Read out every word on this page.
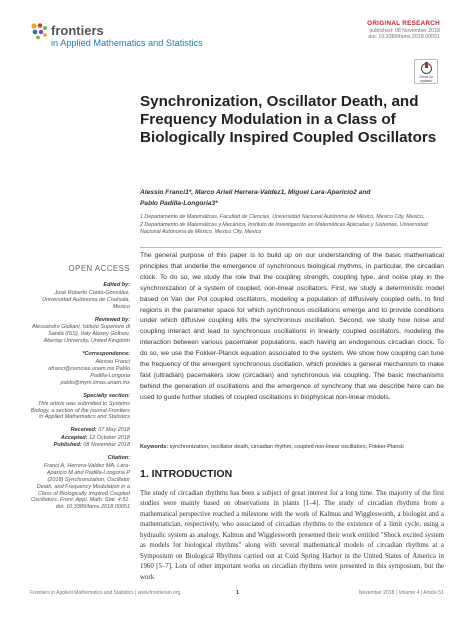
frontiers
in Applied Mathematics and Statistics
ORIGINAL RESEARCH
published: 08 November 2018
doi: 10.3389/fams.2018.00051
Check for updates
Synchronization, Oscillator Death, and Frequency Modulation in a Class of Biologically Inspired Coupled Oscillators
Alessio Franci1*, Marco Arieli Herrera-Valdez1, Miguel Lara-Aparicio2 and
Pablo Padilla-Longoria3*

1 Departamento de Matemáticas, Facultad de Ciencias, Universidad Nacional Autónoma de México, Mexico City, Mexico,

2 Departamento de Matemáticas y Mecánica, Instituto de Investigación en Matemáticas Aplicadas y Sistemas, Universidad Nacional Autónoma de México, Mexico City, Mexico

OPEN ACCESS
Edited by:
José Roberto Cantú-González, Universidad Autónoma de Coahuila, Mexico
Reviewed by:
Alessandro Giuliani, Istituto Superiore di Sanità (ISS), Italy Alexey Goltsov, Abertay University, United Kingdom
*Correspondence:
Alessio Franci afranci@ciencias.unam.mx Pablo Padilla-Longoria pablo@mym.iimas.unam.mx
Specialty section:
This article was submitted to Systems Biology, a section of the journal Frontiers in Applied Mathematics and Statistics
Received: 07 May 2018
Accepted: 12 October 2018
Published: 08 November 2018
Citation:
Franci A, Herrera-Valdez MA, Lara-Aparicio M and Padilla-Longoria P (2018) Synchronization, Oscillator Death, and Frequency Modulation in a Class of Biologically Inspired Coupled Oscillators. Front. Appl. Math. Stat. 4:51. doi: 10.3389/fams.2018.00051

The general purpose of this paper is to build up on our understanding of the basic mathematical principles that underlie the emergence of synchronous biological rhythms, in particular, the circadian clock. To do so, we study the role that the coupling strength, coupling type, and noise play in the synchronization of a system of coupled, non-linear oscillators. First, we study a deterministic model based on Van der Pol coupled oscillators, modeling a population of diffusively coupled cells, to find regions in the parameter space for which synchronous oscillations emerge and to provide conditions under which diffusive coupling kills the synchronous oscillation. Second, we study how noise and coupling interact and lead to synchronous oscillations in linearly coupled oscillators, modeling the interaction between various pacemaker populations, each having an endogenous circadian clock. To do so, we use the Fokker-Planck equation associated to the system. We show how coupling can tune the frequency of the emergent synchronous oscillation, which provides a general mechanism to make fast (ultradian) pacemakers slow (circadian) and synchronous via coupling. The basic mechanisms behind the generation of oscillations and the emergence of synchrony that we describe here can be used to guide further studies of coupled oscillations in biophysical non-linear models.

Keywords: synchronization, oscillator death, circadian rhythm, coupled non-linear oscillators, Fokker-Planck

1. INTRODUCTION

The study of circadian rhythms has been a subject of great interest for a long time. The majority of the first studies were mainly based on observations in plants [1–4]. The study of circadian rhythms from a mathematical perspective reached a milestone with the work of Kalmus and Wigglesworth, a biologist and a mathematician, respectively, who associated of circadian rhythms to the existence of a limit cycle, using a hydraulic system as analogy. Kalmus and Wigglesworth presented their work entitled "Shock excited system as models for biological rhythms" along with several mathematical models of circadian rhythms at a Symposium on Biological Rhythms carried out at Cold Spring Harbor in the United States of America in 1960 [5–7]. Lots of other important works on circadian rhythms were presented in this symposium, but the work

Frontiers in Applied Mathematics and Statistics | www.frontiersin.org	1	November 2018 | Volume 4 | Article 51
